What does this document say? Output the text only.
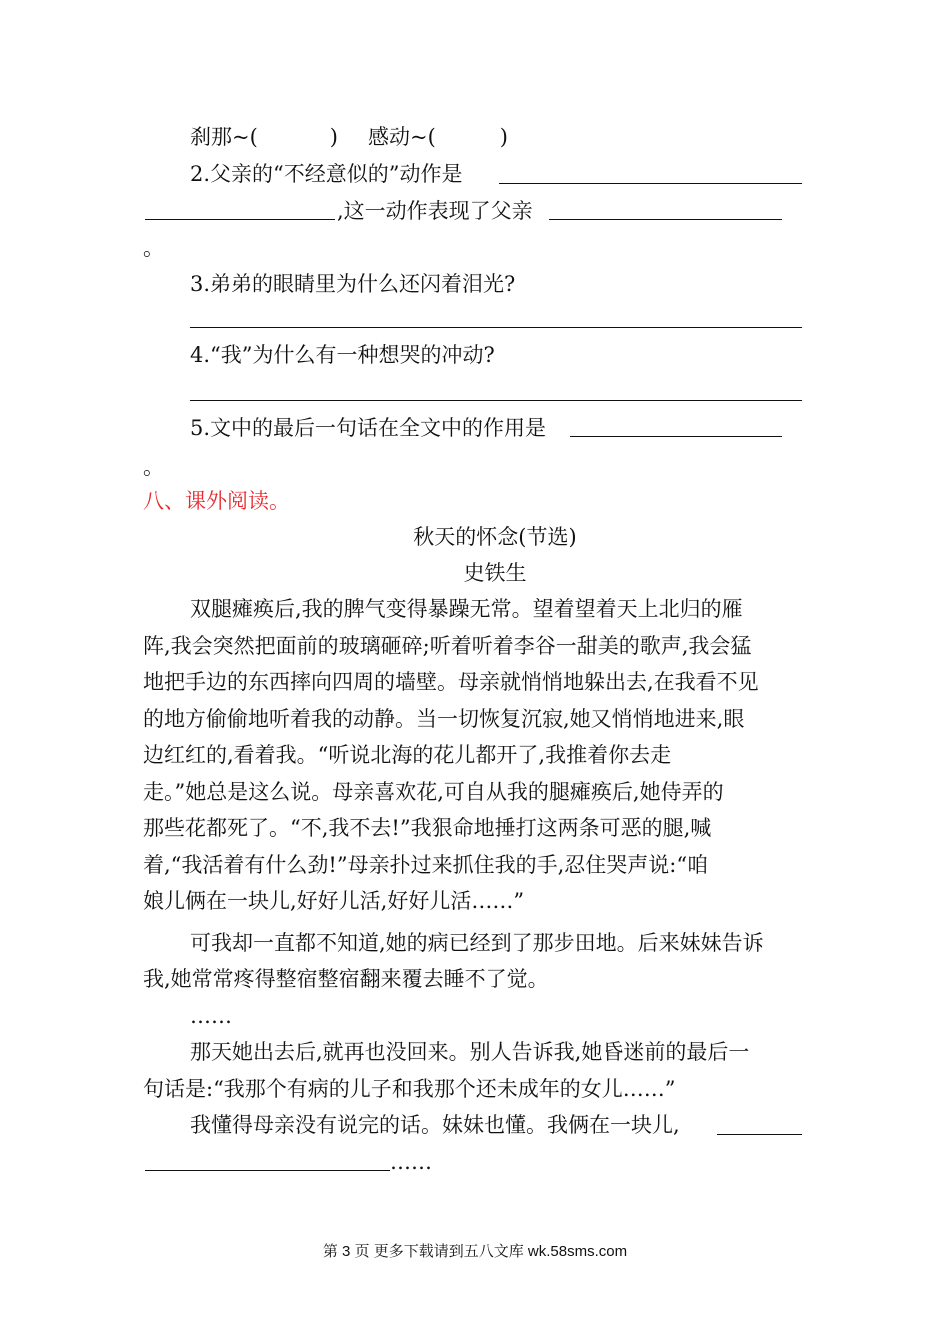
刹那~(	) 感动~(	)
2.父亲的“不经意似的”动作是
,这一动作表现了父亲
。
3.弟弟的眼睛里为什么还闪着泪光?
4.“我”为什么有一种想哭的冲动?
5.文中的最后一句话在全文中的作用是
。
八、课外阅读。
秋天的怀念(节选)
史铁生
双腿瘫痪后,我的脾气变得暴躁无常。望着望着天上北归的雁
阵,我会突然把面前的玻璃砸碎;听着听着李谷一甜美的歌声,我会猛
地把手边的东西摔向四周的墙壁。母亲就悄悄地躲出去,在我看不见
的地方偷偷地听着我的动静。当一切恢复沉寂,她又悄悄地进来,眼
边红红的,看着我。“听说北海的花儿都开了,我推着你去走
走。”她总是这么说。母亲喜欢花,可自从我的腿瘫痪后,她侍弄的
那些花都死了。“不,我不去!”我狠命地捶打这两条可恶的腿,喊
着,“我活着有什么劲!”母亲扑过来抓住我的手,忍住哭声说:“咱
娘儿俩在一块儿,好好儿活,好好儿活……”
可我却一直都不知道,她的病已经到了那步田地。后来妹妹告诉
我,她常常疼得整宿整宿翻来覆去睡不了觉。
……
那天她出去后,就再也没回来。别人告诉我,她昏迷前的最后一
句话是:“我那个有病的儿子和我那个还未成年的女儿……”
我懂得母亲没有说完的话。妹妹也懂。我俩在一块儿,
……
第 3 页 更多下载请到五八文库 wk.58sms.com
